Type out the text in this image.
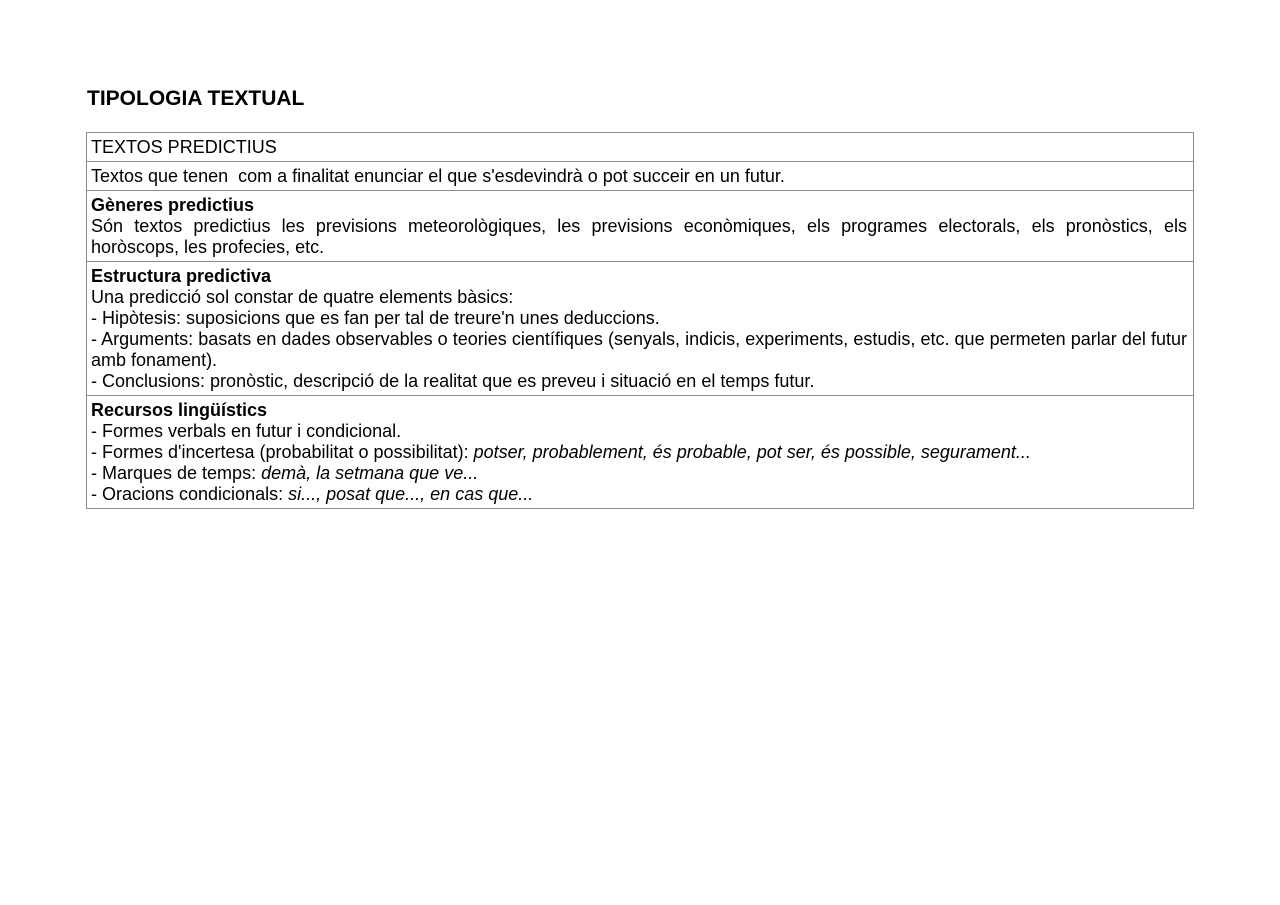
TIPOLOGIA TEXTUAL
TEXTOS PREDICTIUS
Textos que tenen  com a finalitat enunciar el que s'esdevindrà o pot succeir en un futur.

Gèneres predictius
Són textos predictius les previsions meteorològiques, les previsions econòmiques, els programes electorals, els pronòstics, els horòscops, les profecies, etc.

Estructura predictiva
Una predicció sol constar de quatre elements bàsics:
- Hipòtesis: suposicions que es fan per tal de treure'n unes deduccions.
- Arguments: basats en dades observables o teories científiques (senyals, indicis, experiments, estudis, etc. que permeten parlar del futur amb fonament).
- Conclusions: pronòstic, descripció de la realitat que es preveu i situació en el temps futur.

Recursos lingüístics
- Formes verbals en futur i condicional.
- Formes d'incertesa (probabilitat o possibilitat): potser, probablement, és probable, pot ser, és possible, segurament...
- Marques de temps: demà, la setmana que ve...
- Oracions condicionals: si..., posat que..., en cas que...
